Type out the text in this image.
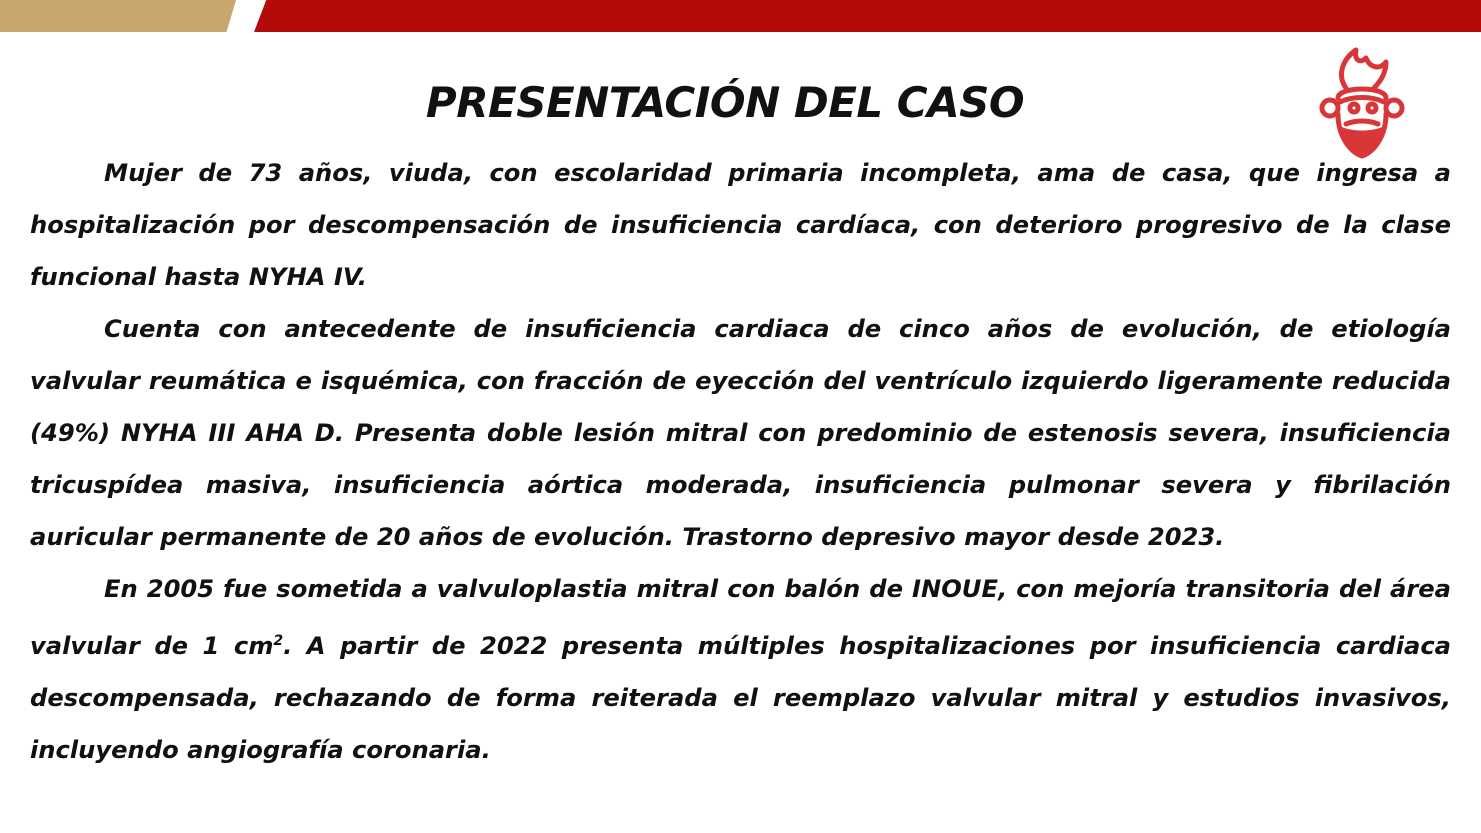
PRESENTACIÓN DEL CASO

Mujer de 73 años, viuda, con escolaridad primaria incompleta, ama de casa, que ingresa a hospitalización por descompensación de insuficiencia cardíaca, con deterioro progresivo de la clase funcional hasta NYHA IV.

Cuenta con antecedente de insuficiencia cardiaca de cinco años de evolución, de etiología valvular reumática e isquémica, con fracción de eyección del ventrículo izquierdo ligeramente reducida (49%) NYHA III AHA D. Presenta doble lesión mitral con predominio de estenosis severa, insuficiencia tricuspídea masiva, insuficiencia aórtica moderada, insuficiencia pulmonar severa y fibrilación auricular permanente de 20 años de evolución. Trastorno depresivo mayor desde 2023.

En 2005 fue sometida a valvuloplastia mitral con balón de INOUE, con mejoría transitoria del área valvular de 1 $cm^2$. A partir de 2022 presenta múltiples hospitalizaciones por insuficiencia cardiaca descompensada, rechazando de forma reiterada el reemplazo valvular mitral y estudios invasivos, incluyendo angiografía coronaria.
